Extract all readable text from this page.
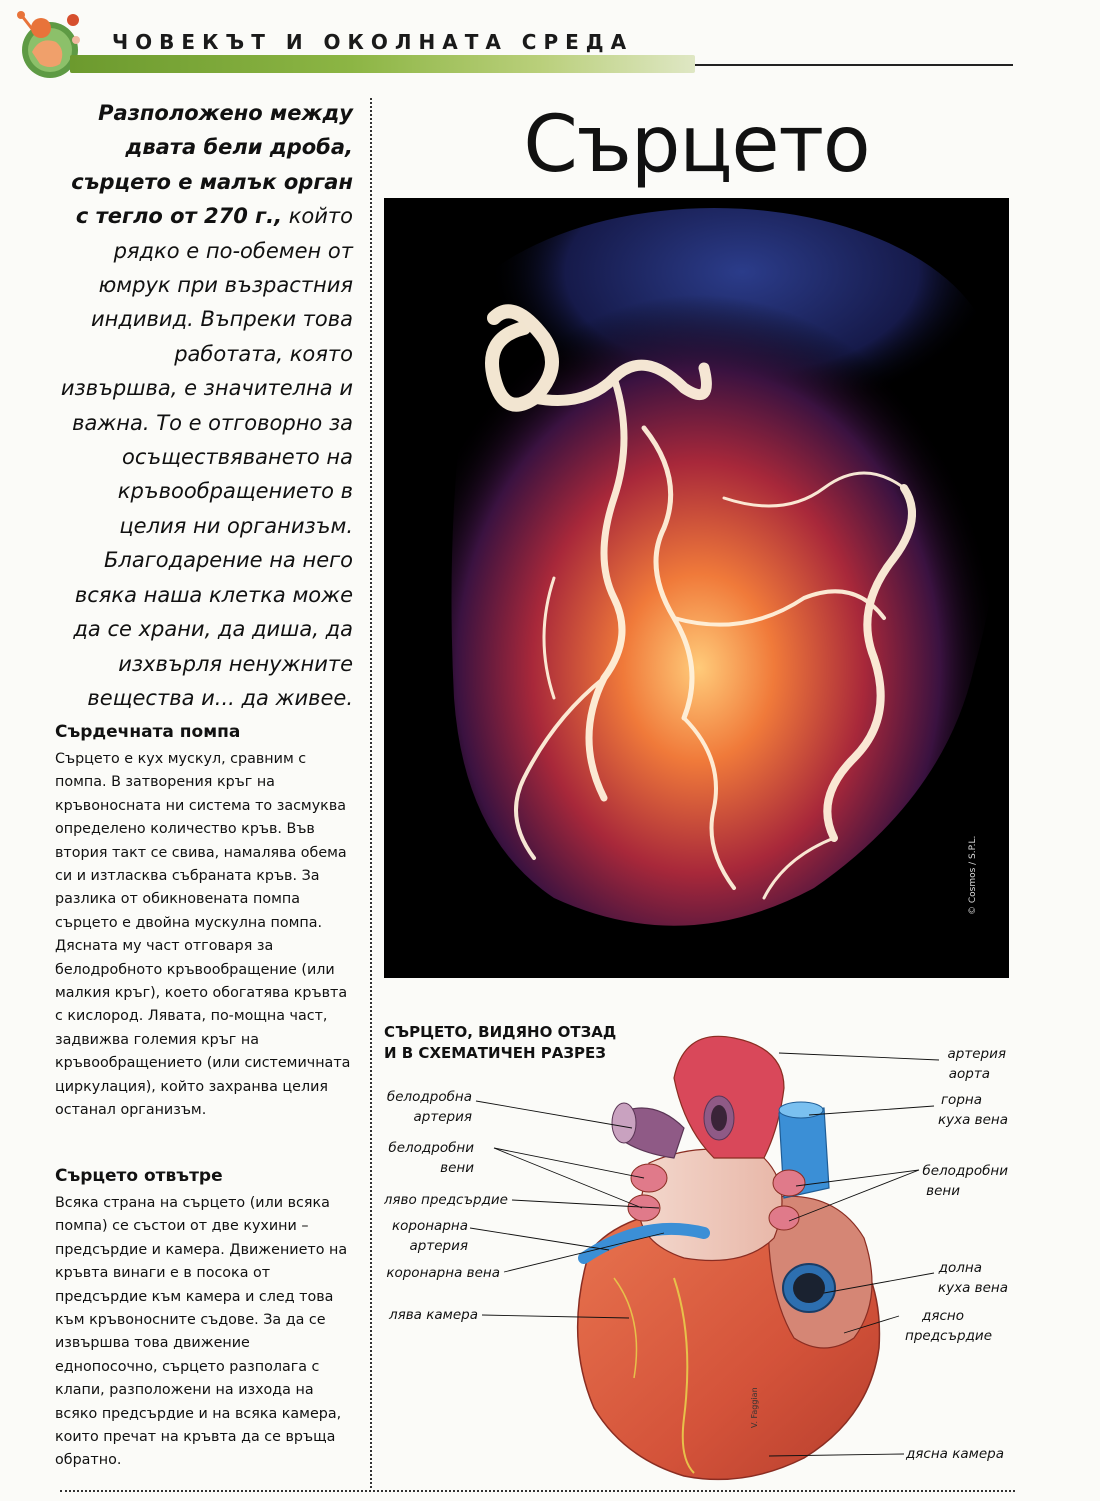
ЧОВЕКЪТ И ОКОЛНАТА СРЕДА
Разположено между двата бели дроба, сърцето е малък орган с тегло от 270 г., който рядко е по-обемен от юмрук при възрастния индивид. Въпреки това работата, която извършва, е значителна и важна. То е отговорно за осъществяването на кръвообращението в целия ни организъм. Благодарение на него всяка наша клетка може да се храни, да диша, да изхвърля ненужните вещества и... да живее.
Сърдечната помпа
Сърцето е кух мускул, сравним с помпа. В затворения кръг на кръвоносната ни система то засмуква определено количество кръв. Във втория такт се свива, намалява обема си и изтласква събраната кръв. За разлика от обикновената помпа сърцето е двойна мускулна помпа. Дясната му част отговаря за белодробното кръвообращение (или малкия кръг), което обогатява кръвта с кислород. Лявата, по-мощна част, задвижва големия кръг на кръвообращението (или системичната циркулация), който захранва целия останал организъм.
Сърцето отвътре
Всяка страна на сърцето (или всяка помпа) се състои от две кухини – предсърдие и камера. Движението на кръвта винаги е в посока от предсърдие към камера и след това към кръвоносните съдове. За да се извършва това движение еднопосочно, сърцето разполага с клапи, разположени на изхода на всяко предсърдие и на всяка камера, които пречат на кръвта да се връща обратно.
Сърцето
© Cosmos / S.P.L.

СЪРЦЕТО, ВИДЯНО ОТЗАД
И В СХЕМАТИЧЕН РАЗРЕЗ
белодробна
артерия
белодробни
вени
ляво предсърдие
коронарна
артерия
коронарна вена
лява камера
артерия
аорта
горна
куха вена
белодробни
вени
долна
куха вена
дясно
предсърдие
дясна камера
V. Faggian
